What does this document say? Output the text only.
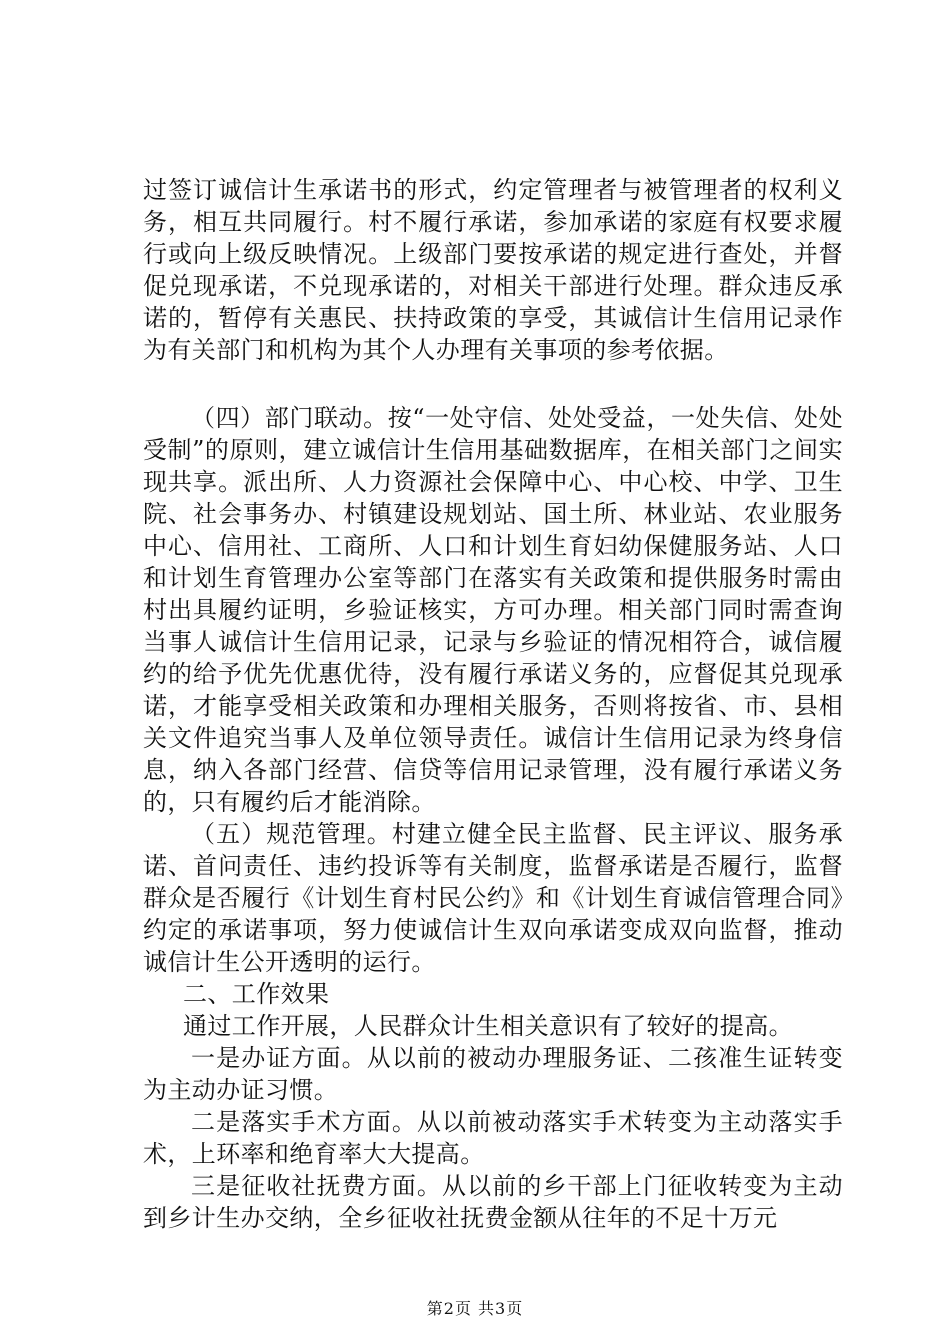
过签订诚信计生承诺书的形式，约定管理者与被管理者的权利义务，相互共同履行。村不履行承诺，参加承诺的家庭有权要求履行或向上级反映情况。上级部门要按承诺的规定进行查处，并督促兑现承诺，不兑现承诺的，对相关干部进行处理。群众违反承诺的，暂停有关惠民、扶持政策的享受，其诚信计生信用记录作为有关部门和机构为其个人办理有关事项的参考依据。

（四）部门联动。按“一处守信、处处受益，一处失信、处处受制”的原则，建立诚信计生信用基础数据库，在相关部门之间实现共享。派出所、人力资源社会保障中心、中心校、中学、卫生院、社会事务办、村镇建设规划站、国土所、林业站、农业服务中心、信用社、工商所、人口和计划生育妇幼保健服务站、人口和计划生育管理办公室等部门在落实有关政策和提供服务时需由村出具履约证明，乡验证核实，方可办理。相关部门同时需查询当事人诚信计生信用记录，记录与乡验证的情况相符合，诚信履约的给予优先优惠优待，没有履行承诺义务的，应督促其兑现承诺，才能享受相关政策和办理相关服务，否则将按省、市、县相关文件追究当事人及单位领导责任。诚信计生信用记录为终身信息，纳入各部门经营、信贷等信用记录管理，没有履行承诺义务的，只有履约后才能消除。

（五）规范管理。村建立健全民主监督、民主评议、服务承诺、首问责任、违约投诉等有关制度，监督承诺是否履行，监督群众是否履行《计划生育村民公约》和《计划生育诚信管理合同》约定的承诺事项，努力使诚信计生双向承诺变成双向监督，推动诚信计生公开透明的运行。

二、工作效果

通过工作开展，人民群众计生相关意识有了较好的提高。

一是办证方面。从以前的被动办理服务证、二孩准生证转变为主动办证习惯。

二是落实手术方面。从以前被动落实手术转变为主动落实手术，上环率和绝育率大大提高。

三是征收社抚费方面。从以前的乡干部上门征收转变为主动到乡计生办交纳，全乡征收社抚费金额从往年的不足十万元

第2页 共3页
